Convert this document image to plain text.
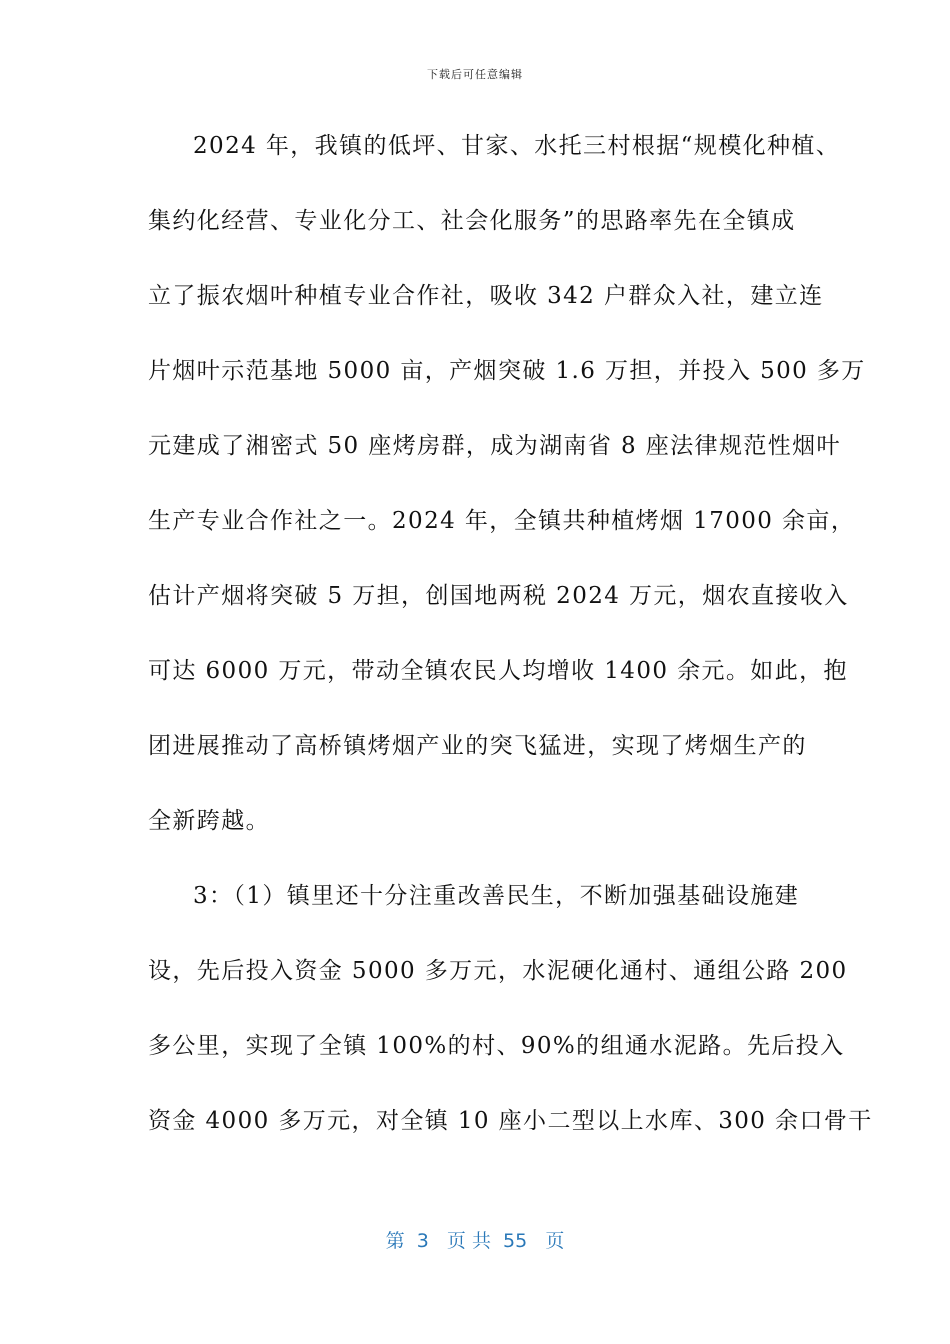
下载后可任意编辑
2024 年，我镇的低坪、甘家、水托三村根据“规模化种植、
集约化经营、专业化分工、社会化服务”的思路率先在全镇成
立了振农烟叶种植专业合作社，吸收 342 户群众入社，建立连
片烟叶示范基地 5000 亩，产烟突破 1.6 万担，并投入 500 多万
元建成了湘密式 50 座烤房群，成为湖南省 8 座法律规范性烟叶
生产专业合作社之一。2024 年，全镇共种植烤烟 17000 余亩，
估计产烟将突破 5 万担，创国地两税 2024 万元，烟农直接收入
可达 6000 万元，带动全镇农民人均增收 1400 余元。如此，抱
团进展推动了高桥镇烤烟产业的突飞猛进，实现了烤烟生产的
全新跨越。
3：（1）镇里还十分注重改善民生，不断加强基础设施建
设，先后投入资金 5000 多万元，水泥硬化通村、通组公路 200
多公里，实现了全镇 100%的村、90%的组通水泥路。先后投入
资金 4000 多万元，对全镇 10 座小二型以上水库、300 余口骨干
第  3   页 共  55   页
